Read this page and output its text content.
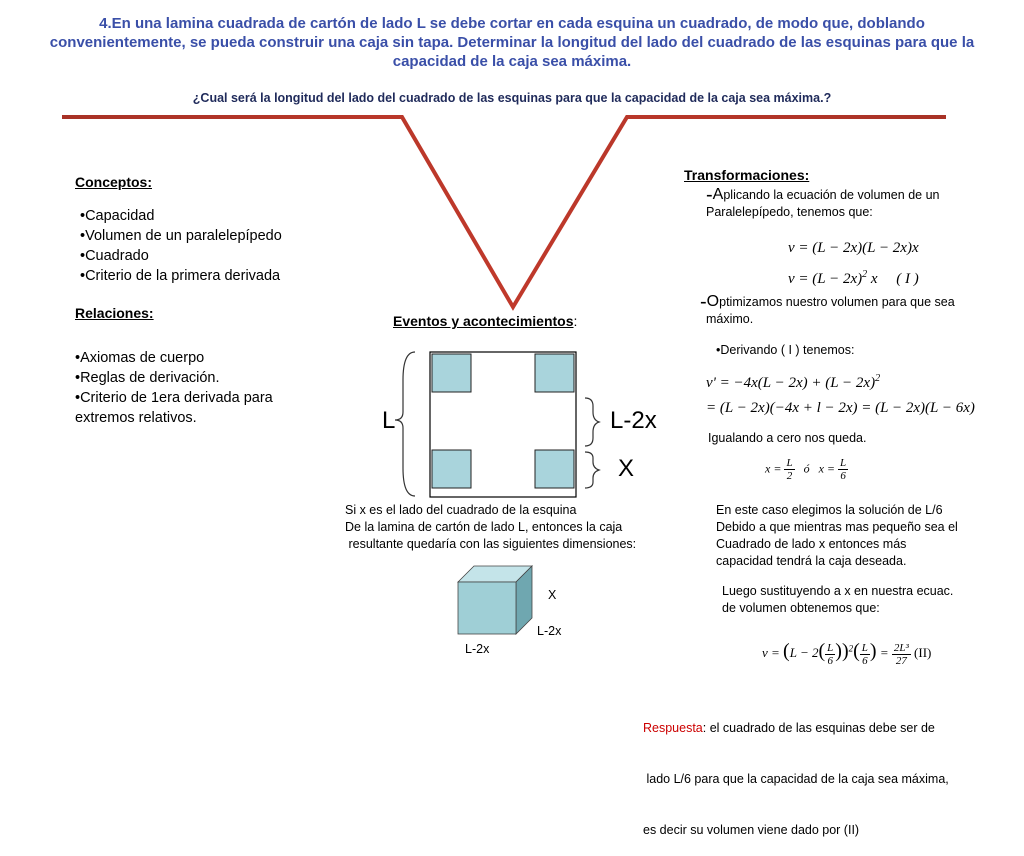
4.En una lamina cuadrada de cartón de lado L se debe cortar en cada esquina un cuadrado, de modo que, doblando convenientemente, se pueda construir una caja sin tapa. Determinar la longitud del lado del cuadrado de las esquinas para que la capacidad de la caja sea máxima.
¿Cual será la longitud del lado del cuadrado de las esquinas para que la capacidad de la caja sea máxima.?
Conceptos:
•Capacidad
•Volumen de un paralelepípedo
•Cuadrado
•Criterio de la primera derivada
Relaciones:
•Axiomas de cuerpo
•Reglas de derivación.
•Criterio de 1era derivada para
extremos relativos.
Eventos y acontecimientos:
L	L-2x
X
Si x es el lado del cuadrado de la esquina
De la lamina de cartón de lado L, entonces la caja
resultante quedaría con las siguientes dimensiones:
X
L-2x
L-2x
Transformaciones:
-Aplicando la ecuación de volumen de un
Paralelepípedo, tenemos que:
v = (L − 2x)(L − 2x)x
$v = (L - 2x)^2$ x     ( I )
-Optimizamos nuestro volumen para que sea
máximo.
•Derivando ( I ) tenemos:
$v' = -4x(L - 2x) + (L - 2x)^2$
= (L − 2x)(−4x + l − 2x) = (L − 2x)(L − 6x)
Igualando a cero nos queda.
$x = \frac{L}{2}$ ó $x = \frac{L}{6}$
En este caso elegimos la solución de L/6
Debido a que mientras mas pequeño sea el
Cuadrado de lado x entonces más
capacidad tendrá la caja deseada.
Luego sustituyendo a x en nuestra ecuac.
de volumen obtenemos que:
$v = (L - 2( \frac{L}{6} ))^2( \frac{L}{6}$ ) = $\frac{\text{2L³}}{27} (II)$

Respuesta: el cuadrado de las esquinas debe ser de

lado L/6 para que la capacidad de la caja sea máxima,

es decir su volumen viene dado por (II)
